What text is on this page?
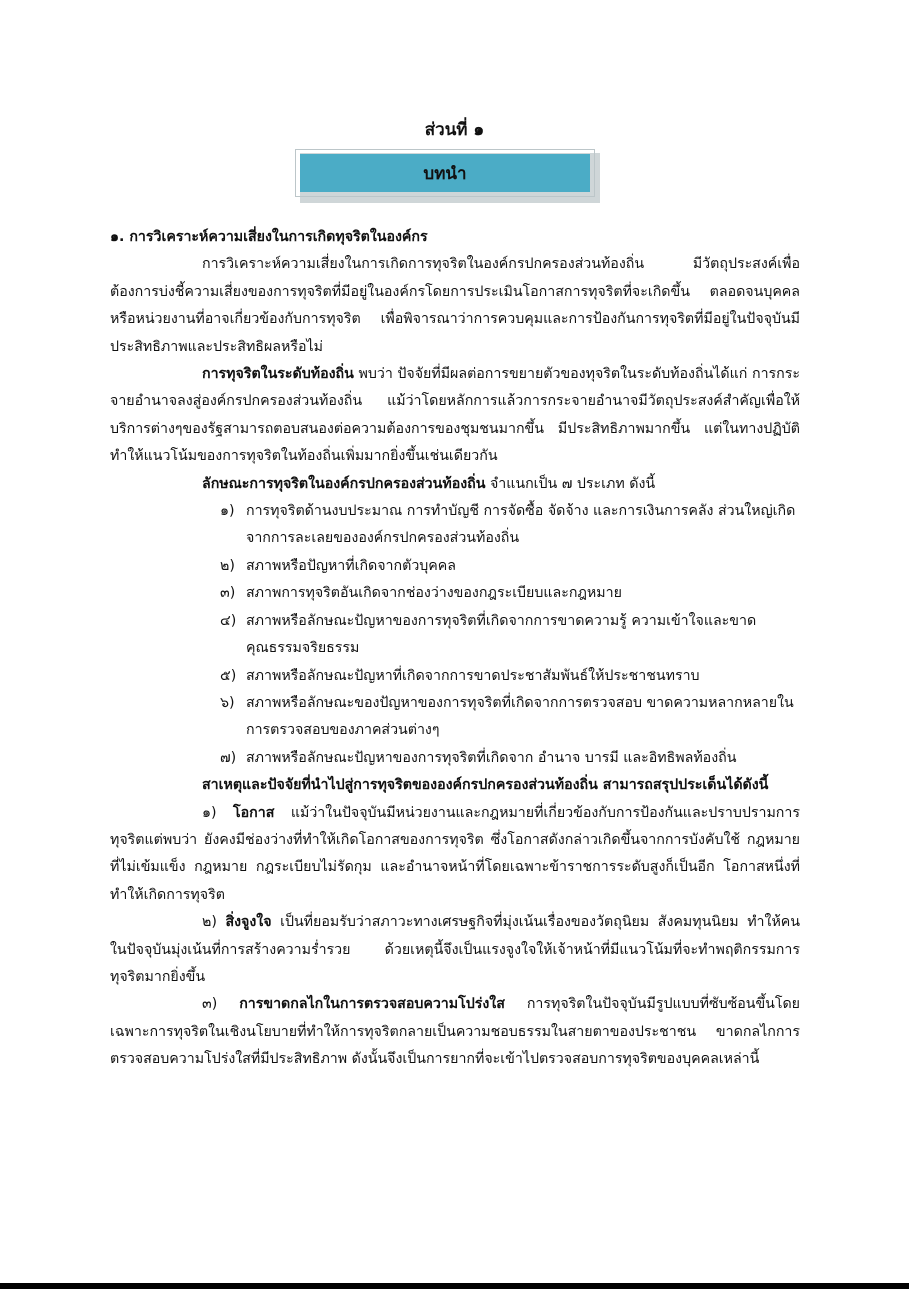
ส่วนที่ ๑
บทนำ

๑. การวิเคราะห์ความเสี่ยงในการเกิดทุจริตในองค์กร

การวิเคราะห์ความเสี่ยงในการเกิดการทุจริตในองค์กรปกครองส่วนท้องถิ่น มีวัตถุประสงค์เพื่อต้องการบ่งชี้ความเสี่ยงของการทุจริตที่มีอยู่ในองค์กรโดยการประเมินโอกาสการทุจริตที่จะเกิดขึ้น ตลอดจนบุคคลหรือหน่วยงานที่อาจเกี่ยวข้องกับการทุจริต เพื่อพิจารณาว่าการควบคุมและการป้องกันการทุจริตที่มีอยู่ในปัจจุบันมีประสิทธิภาพและประสิทธิผลหรือไม่

การทุจริตในระดับท้องถิ่น พบว่า ปัจจัยที่มีผลต่อการขยายตัวของทุจริตในระดับท้องถิ่นได้แก่ การกระจายอำนาจลงสู่องค์กรปกครองส่วนท้องถิ่น แม้ว่าโดยหลักการแล้วการกระจายอำนาจมีวัตถุประสงค์สำคัญเพื่อให้บริการต่างๆของรัฐสามารถตอบสนองต่อความต้องการของชุมชนมากขึ้น มีประสิทธิภาพมากขึ้น แต่ในทางปฏิบัติทำให้แนวโน้มของการทุจริตในท้องถิ่นเพิ่มมากยิ่งขึ้นเช่นเดียวกัน

ลักษณะการทุจริตในองค์กรปกครองส่วนท้องถิ่น จำแนกเป็น ๗ ประเภท ดังนี้

๑) การทุจริตด้านงบประมาณ การทำบัญชี การจัดซื้อ จัดจ้าง และการเงินการคลัง ส่วนใหญ่เกิดจากการละเลยขององค์กรปกครองส่วนท้องถิ่น
๒) สภาพหรือปัญหาที่เกิดจากตัวบุคคล
๓) สภาพการทุจริตอันเกิดจากช่องว่างของกฎระเบียบและกฎหมาย
๔) สภาพหรือลักษณะปัญหาของการทุจริตที่เกิดจากการขาดความรู้ ความเข้าใจและขาดคุณธรรมจริยธรรม
๕) สภาพหรือลักษณะปัญหาที่เกิดจากการขาดประชาสัมพันธ์ให้ประชาชนทราบ
๖) สภาพหรือลักษณะของปัญหาของการทุจริตที่เกิดจากการตรวจสอบ ขาดความหลากหลายในการตรวจสอบของภาคส่วนต่างๆ
๗) สภาพหรือลักษณะปัญหาของการทุจริตที่เกิดจาก อำนาจ บารมี และอิทธิพลท้องถิ่น

สาเหตุและปัจจัยที่นำไปสู่การทุจริตขององค์กรปกครองส่วนท้องถิ่น สามารถสรุปประเด็นได้ดังนี้

๑) โอกาส แม้ว่าในปัจจุบันมีหน่วยงานและกฎหมายที่เกี่ยวข้องกับการป้องกันและปราบปรามการ ทุจริตแต่พบว่า ยังคงมีช่องว่างที่ทำให้เกิดโอกาสของการทุจริต ซึ่งโอกาสดังกล่าวเกิดขึ้นจากการบังคับใช้ กฎหมายที่ไม่เข้มแข็ง กฎหมาย กฎระเบียบไม่รัดกุม และอำนาจหน้าที่โดยเฉพาะข้าราชการระดับสูงก็เป็นอีก โอกาสหนึ่งที่ทำให้เกิดการทุจริต

๒) สิ่งจูงใจ เป็นที่ยอมรับว่าสภาวะทางเศรษฐกิจที่มุ่งเน้นเรื่องของวัตถุนิยม สังคมทุนนิยม ทำให้คน ในปัจจุบันมุ่งเน้นที่การสร้างความร่ำรวย ด้วยเหตุนี้จึงเป็นแรงจูงใจให้เจ้าหน้าที่มีแนวโน้มที่จะทำพฤติกรรมการ ทุจริตมากยิ่งขึ้น

๓) การขาดกลไกในการตรวจสอบความโปร่งใส การทุจริตในปัจจุบันมีรูปแบบที่ซับซ้อนขึ้นโดยเฉพาะการทุจริตในเชิงนโยบายที่ทำให้การทุจริตกลายเป็นความชอบธรรมในสายตาของประชาชน ขาดกลไกการตรวจสอบความโปร่งใสที่มีประสิทธิภาพ ดังนั้นจึงเป็นการยากที่จะเข้าไปตรวจสอบการทุจริตของบุคคลเหล่านี้
